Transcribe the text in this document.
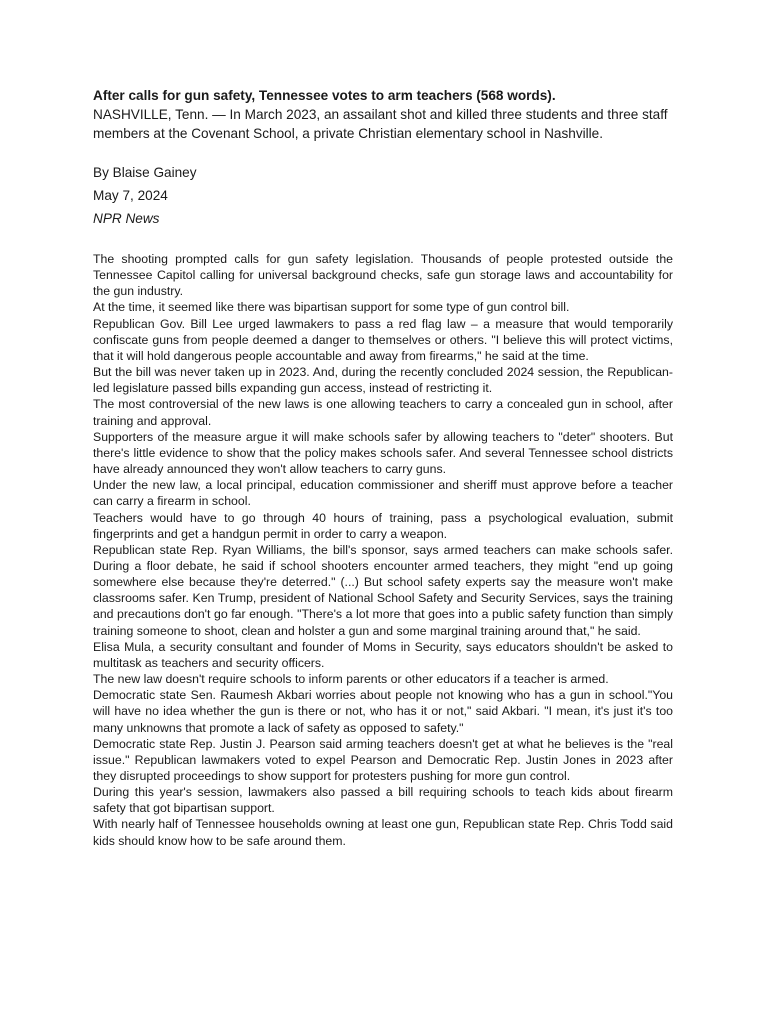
After calls for gun safety, Tennessee votes to arm teachers (568 words).

NASHVILLE, Tenn. — In March 2023, an assailant shot and killed three students and three staff members at the Covenant School, a private Christian elementary school in Nashville.

By Blaise Gainey
May 7, 2024
NPR News

The shooting prompted calls for gun safety legislation. Thousands of people protested outside the Tennessee Capitol calling for universal background checks, safe gun storage laws and accountability for the gun industry.

At the time, it seemed like there was bipartisan support for some type of gun control bill.

Republican Gov. Bill Lee urged lawmakers to pass a red flag law – a measure that would temporarily confiscate guns from people deemed a danger to themselves or others. "I believe this will protect victims, that it will hold dangerous people accountable and away from firearms," he said at the time.

But the bill was never taken up in 2023. And, during the recently concluded 2024 session, the Republican-led legislature passed bills expanding gun access, instead of restricting it.

The most controversial of the new laws is one allowing teachers to carry a concealed gun in school, after training and approval.

Supporters of the measure argue it will make schools safer by allowing teachers to "deter" shooters. But there's little evidence to show that the policy makes schools safer. And several Tennessee school districts have already announced they won't allow teachers to carry guns.

Under the new law, a local principal, education commissioner and sheriff must approve before a teacher can carry a firearm in school.

Teachers would have to go through 40 hours of training, pass a psychological evaluation, submit fingerprints and get a handgun permit in order to carry a weapon.

Republican state Rep. Ryan Williams, the bill's sponsor, says armed teachers can make schools safer. During a floor debate, he said if school shooters encounter armed teachers, they might "end up going somewhere else because they're deterred." (...) But school safety experts say the measure won't make classrooms safer. Ken Trump, president of National School Safety and Security Services, says the training and precautions don't go far enough. "There's a lot more that goes into a public safety function than simply training someone to shoot, clean and holster a gun and some marginal training around that," he said.

Elisa Mula, a security consultant and founder of Moms in Security, says educators shouldn't be asked to multitask as teachers and security officers.

The new law doesn't require schools to inform parents or other educators if a teacher is armed.

Democratic state Sen. Raumesh Akbari worries about people not knowing who has a gun in school."You will have no idea whether the gun is there or not, who has it or not," said Akbari. "I mean, it's just it's too many unknowns that promote a lack of safety as opposed to safety."

Democratic state Rep. Justin J. Pearson said arming teachers doesn't get at what he believes is the "real issue." Republican lawmakers voted to expel Pearson and Democratic Rep. Justin Jones in 2023 after they disrupted proceedings to show support for protesters pushing for more gun control.

During this year's session, lawmakers also passed a bill requiring schools to teach kids about firearm safety that got bipartisan support.

With nearly half of Tennessee households owning at least one gun, Republican state Rep. Chris Todd said kids should know how to be safe around them.
